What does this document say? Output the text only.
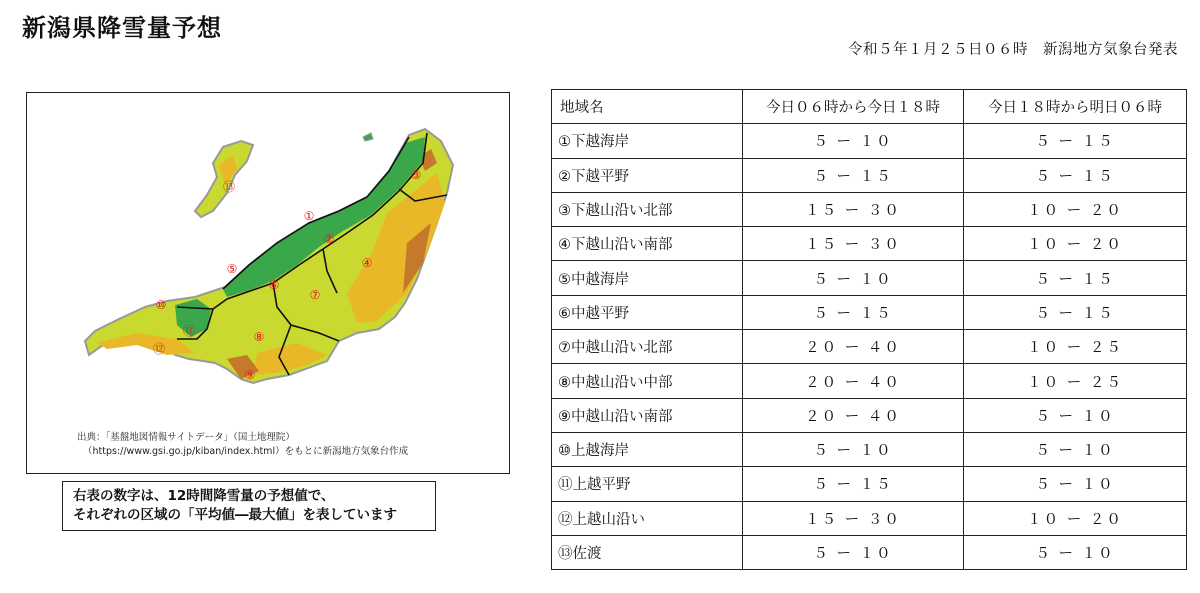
新潟県降雪量予想
令和５年１月２５日０６時　新潟地方気象台発表
①
②
③
④
⑤
⑥
⑦
⑧
⑨
⑩
⑪
⑫
⑬
出典：「基盤地図情報サイトデータ」（国土地理院）
（https://www.gsi.go.jp/kiban/index.html）をもとに新潟地方気象台作成
右表の数字は、12時間降雪量の予想値で、
それぞれの区域の「平均値―最大値」を表しています
地域名	今日０６時から今日１８時	今日１８時から明日０６時
①下越海岸	５ ー １０	５ ー １５
②下越平野	５ ー １５	５ ー １５
③下越山沿い北部	１５ ー ３０	１０ ー ２０
④下越山沿い南部	１５ ー ３０	１０ ー ２０
⑤中越海岸	５ ー １０	５ ー １５
⑥中越平野	５ ー １５	５ ー １５
⑦中越山沿い北部	２０ ー ４０	１０ ー ２５
⑧中越山沿い中部	２０ ー ４０	１０ ー ２５
⑨中越山沿い南部	２０ ー ４０	５ ー １０
⑩上越海岸	５ ー １０	５ ー １０
⑪上越平野	５ ー １５	５ ー １０
⑫上越山沿い	１５ ー ３０	１０ ー ２０
⑬佐渡	５ ー １０	５ ー １０
